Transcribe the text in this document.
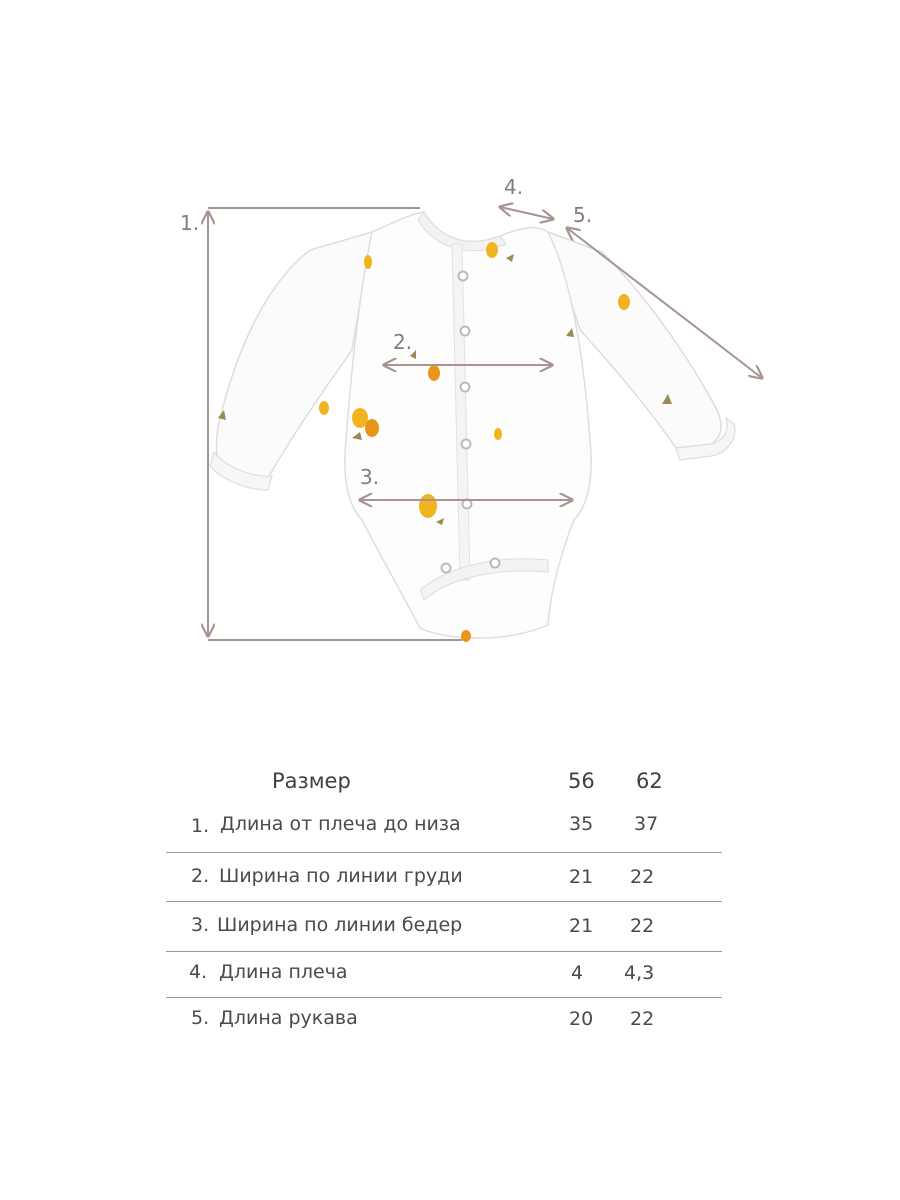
1.
2.
3.
4.
5.
Размер	56 62
1. Длина от плеча до низа	35 37
2. Ширина по линии груди	21 22
3. Ширина по линии бедер	21 22
4. Длина плеча	4 4,3
5. Длина рукава	20 22
